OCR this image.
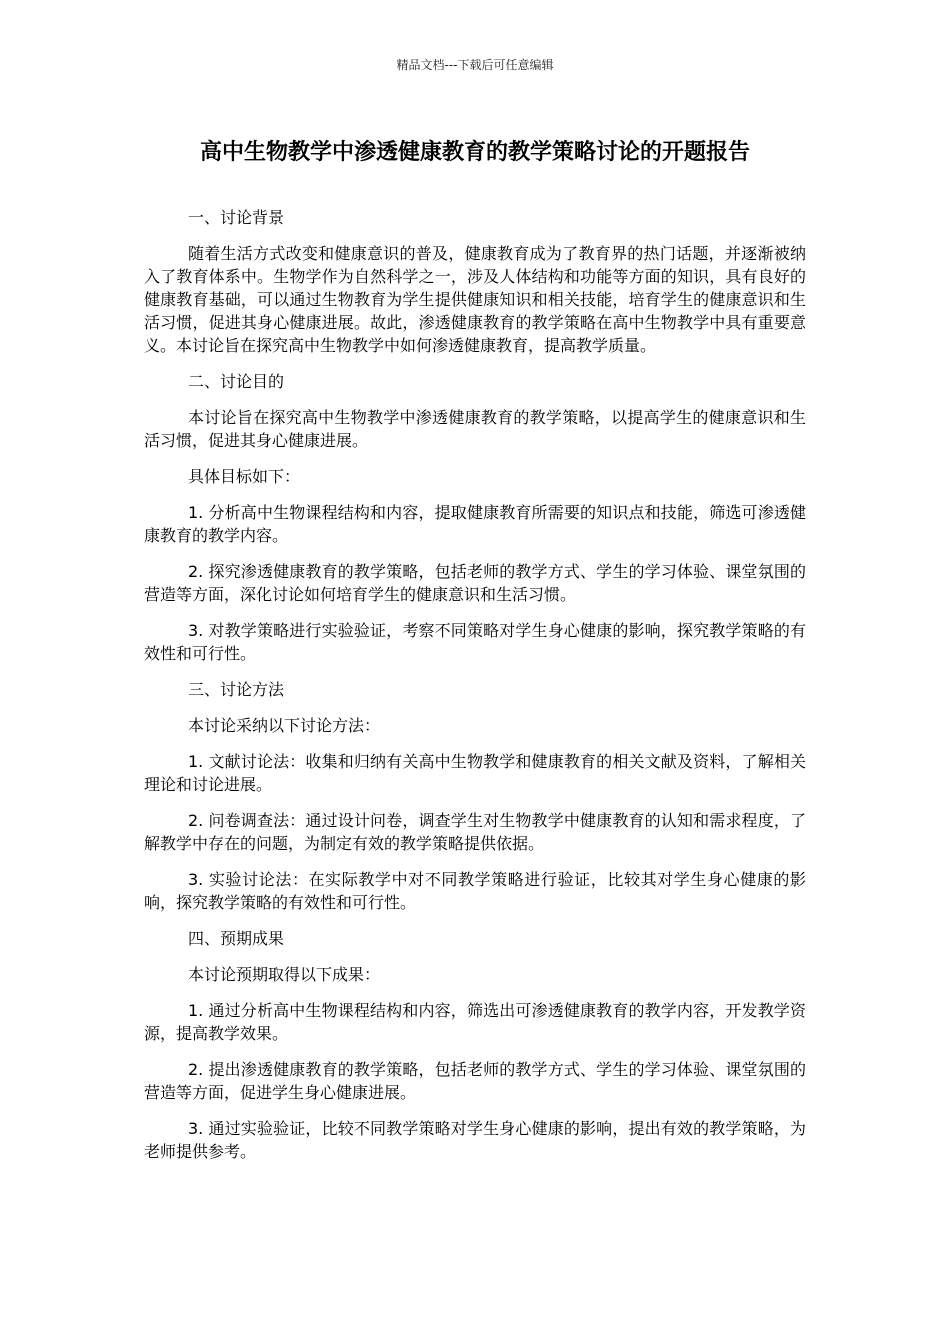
精品文档---下载后可任意编辑
高中生物教学中渗透健康教育的教学策略讨论的开题报告

一、讨论背景

随着生活方式改变和健康意识的普及，健康教育成为了教育界的热门话题，并逐渐被纳入了教育体系中。生物学作为自然科学之一，涉及人体结构和功能等方面的知识，具有良好的健康教育基础，可以通过生物教育为学生提供健康知识和相关技能，培育学生的健康意识和生活习惯，促进其身心健康进展。故此，渗透健康教育的教学策略在高中生物教学中具有重要意义。本讨论旨在探究高中生物教学中如何渗透健康教育，提高教学质量。

二、讨论目的

本讨论旨在探究高中生物教学中渗透健康教育的教学策略，以提高学生的健康意识和生活习惯，促进其身心健康进展。

具体目标如下：

1. 分析高中生物课程结构和内容，提取健康教育所需要的知识点和技能，筛选可渗透健康教育的教学内容。

2. 探究渗透健康教育的教学策略，包括老师的教学方式、学生的学习体验、课堂氛围的营造等方面，深化讨论如何培育学生的健康意识和生活习惯。

3. 对教学策略进行实验验证，考察不同策略对学生身心健康的影响，探究教学策略的有效性和可行性。

三、讨论方法

本讨论采纳以下讨论方法：

1. 文献讨论法：收集和归纳有关高中生物教学和健康教育的相关文献及资料，了解相关理论和讨论进展。

2. 问卷调查法：通过设计问卷，调查学生对生物教学中健康教育的认知和需求程度，了解教学中存在的问题，为制定有效的教学策略提供依据。

3. 实验讨论法：在实际教学中对不同教学策略进行验证，比较其对学生身心健康的影响，探究教学策略的有效性和可行性。

四、预期成果

本讨论预期取得以下成果：

1. 通过分析高中生物课程结构和内容，筛选出可渗透健康教育的教学内容，开发教学资源，提高教学效果。

2. 提出渗透健康教育的教学策略，包括老师的教学方式、学生的学习体验、课堂氛围的营造等方面，促进学生身心健康进展。

3. 通过实验验证，比较不同教学策略对学生身心健康的影响，提出有效的教学策略，为老师提供参考。
